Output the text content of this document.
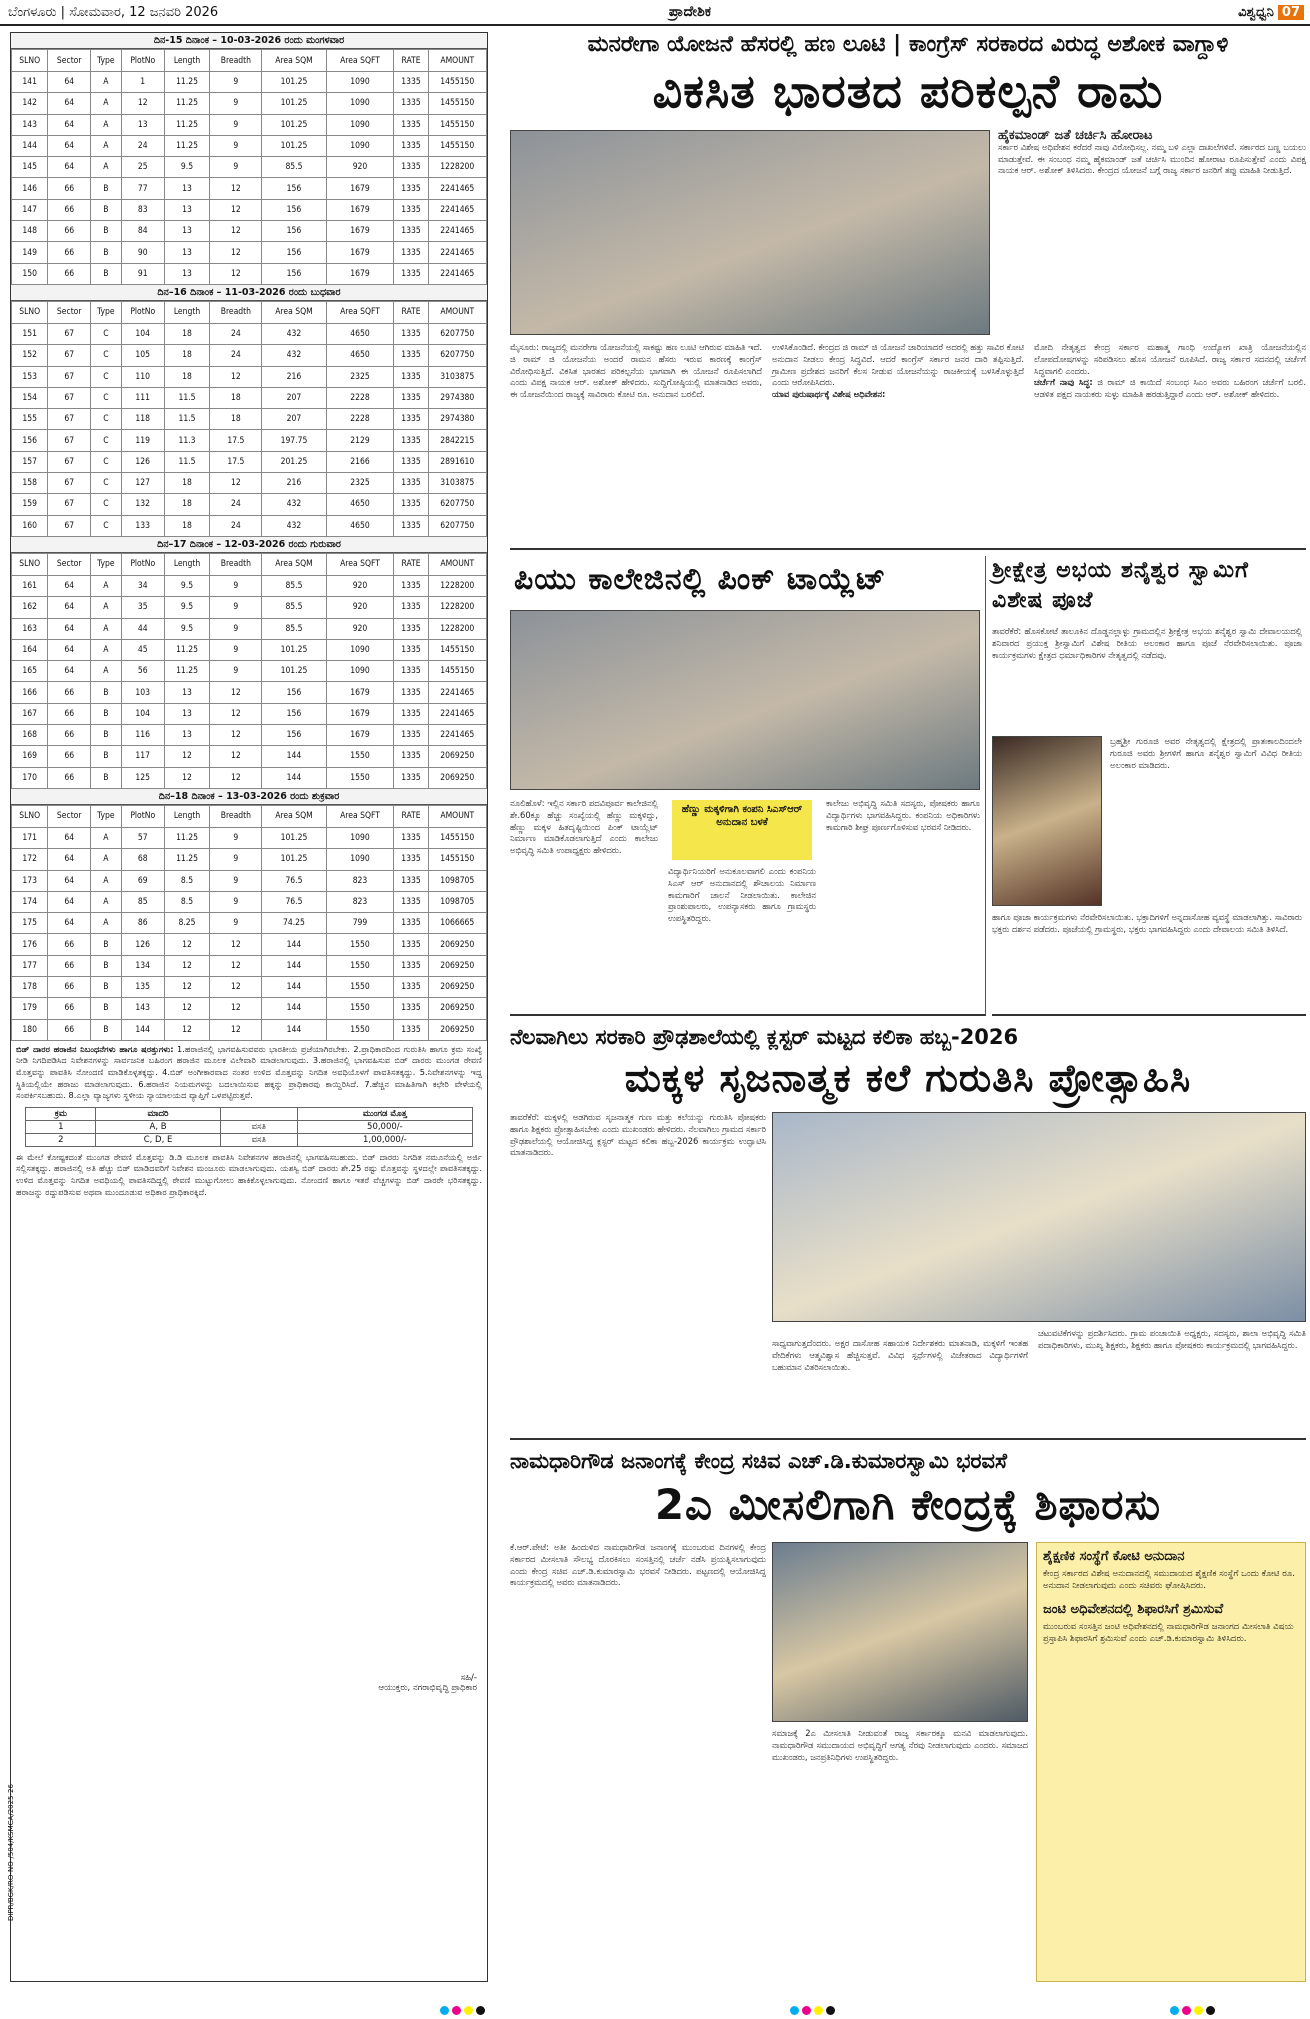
ಬೆಂಗಳೂರು | ಸೋಮವಾರ, 12 ಜನವರಿ 2026	ಪ್ರಾದೇಶಿಕ	ವಿಶ್ವಧ್ವನಿ 07
ದಿನ-15 ದಿನಾಂಕ – 10-03-2026 ರಂದು ಮಂಗಳವಾರ
SLNO	Sector	Type	PlotNo	Length	Breadth	Area SQM	Area SQFT	RATE	AMOUNT
141	64	A	1	11.25	9	101.25	1090	1335	1455150
142	64	A	12	11.25	9	101.25	1090	1335	1455150
143	64	A	13	11.25	9	101.25	1090	1335	1455150
144	64	A	24	11.25	9	101.25	1090	1335	1455150
145	64	A	25	9.5	9	85.5	920	1335	1228200
146	66	B	77	13	12	156	1679	1335	2241465
147	66	B	83	13	12	156	1679	1335	2241465
148	66	B	84	13	12	156	1679	1335	2241465
149	66	B	90	13	12	156	1679	1335	2241465
150	66	B	91	13	12	156	1679	1335	2241465
ದಿನ–16 ದಿನಾಂಕ – 11-03-2026 ರಂದು ಬುಧವಾರ
SLNO	Sector	Type	PlotNo	Length	Breadth	Area SQM	Area SQFT	RATE	AMOUNT
151	67	C	104	18	24	432	4650	1335	6207750
152	67	C	105	18	24	432	4650	1335	6207750
153	67	C	110	18	12	216	2325	1335	3103875
154	67	C	111	11.5	18	207	2228	1335	2974380
155	67	C	118	11.5	18	207	2228	1335	2974380
156	67	C	119	11.3	17.5	197.75	2129	1335	2842215
157	67	C	126	11.5	17.5	201.25	2166	1335	2891610
158	67	C	127	18	12	216	2325	1335	3103875
159	67	C	132	18	24	432	4650	1335	6207750
160	67	C	133	18	24	432	4650	1335	6207750
ದಿನ–17 ದಿನಾಂಕ – 12-03-2026 ರಂದು ಗುರುವಾರ
SLNO	Sector	Type	PlotNo	Length	Breadth	Area SQM	Area SQFT	RATE	AMOUNT
161	64	A	34	9.5	9	85.5	920	1335	1228200
162	64	A	35	9.5	9	85.5	920	1335	1228200
163	64	A	44	9.5	9	85.5	920	1335	1228200
164	64	A	45	11.25	9	101.25	1090	1335	1455150
165	64	A	56	11.25	9	101.25	1090	1335	1455150
166	66	B	103	13	12	156	1679	1335	2241465
167	66	B	104	13	12	156	1679	1335	2241465
168	66	B	116	13	12	156	1679	1335	2241465
169	66	B	117	12	12	144	1550	1335	2069250
170	66	B	125	12	12	144	1550	1335	2069250
ದಿನ–18 ದಿನಾಂಕ – 13-03-2026 ರಂದು ಶುಕ್ರವಾರ
SLNO	Sector	Type	PlotNo	Length	Breadth	Area SQM	Area SQFT	RATE	AMOUNT
171	64	A	57	11.25	9	101.25	1090	1335	1455150
172	64	A	68	11.25	9	101.25	1090	1335	1455150
173	64	A	69	8.5	9	76.5	823	1335	1098705
174	64	A	85	8.5	9	76.5	823	1335	1098705
175	64	A	86	8.25	9	74.25	799	1335	1066665
176	66	B	126	12	12	144	1550	1335	2069250
177	66	B	134	12	12	144	1550	1335	2069250
178	66	B	135	12	12	144	1550	1335	2069250
179	66	B	143	12	12	144	1550	1335	2069250
180	66	B	144	12	12	144	1550	1335	2069250
ಬಿಡ್ ದಾರರ ಹರಾಜಿನ ನಿಬಂಧನೆಗಳು ಹಾಗೂ ಷರತ್ತುಗಳು: 1.ಹರಾಜಿನಲ್ಲಿ ಭಾಗವಹಿಸುವವರು ಭಾರತೀಯ ಪ್ರಜೆಯಾಗಿರಬೇಕು. 2.ಪ್ರಾಧಿಕಾರದಿಂದ ಗುರುತಿಸಿ ಹಾಗೂ ಕ್ರಮ ಸಂಖ್ಯೆ ನೀಡಿ ನಿಗದಿಪಡಿಸಿದ ನಿವೇಶನಗಳನ್ನು ಸಾರ್ವಜನಿಕ ಬಹಿರಂಗ ಹರಾಜಿನ ಮೂಲಕ ವಿಲೇವಾರಿ ಮಾಡಲಾಗುವುದು. 3.ಹರಾಜಿನಲ್ಲಿ ಭಾಗವಹಿಸುವ ಬಿಡ್ ದಾರರು ಮುಂಗಡ ಠೇವಣಿ ಮೊತ್ತವನ್ನು ಪಾವತಿಸಿ ನೋಂದಣಿ ಮಾಡಿಕೊಳ್ಳತಕ್ಕದ್ದು. 4.ಬಿಡ್ ಅಂಗೀಕಾರವಾದ ನಂತರ ಉಳಿದ ಮೊತ್ತವನ್ನು ನಿಗದಿತ ಅವಧಿಯೊಳಗೆ ಪಾವತಿಸತಕ್ಕದ್ದು. 5.ನಿವೇಶನಗಳನ್ನು ಇದ್ದ ಸ್ಥಿತಿಯಲ್ಲಿಯೇ ಹರಾಜು ಮಾಡಲಾಗುವುದು. 6.ಹರಾಜಿನ ನಿಯಮಗಳನ್ನು ಬದಲಾಯಿಸುವ ಹಕ್ಕನ್ನು ಪ್ರಾಧಿಕಾರವು ಕಾಯ್ದಿರಿಸಿದೆ. 7.ಹೆಚ್ಚಿನ ಮಾಹಿತಿಗಾಗಿ ಕಛೇರಿ ವೇಳೆಯಲ್ಲಿ ಸಂಪರ್ಕಿಸಬಹುದು. 8.ಎಲ್ಲಾ ವ್ಯಾಜ್ಯಗಳು ಸ್ಥಳೀಯ ನ್ಯಾಯಾಲಯದ ವ್ಯಾಪ್ತಿಗೆ ಒಳಪಟ್ಟಿರುತ್ತವೆ.
ಕ್ರಮ	ಮಾದರಿ		ಮುಂಗಡ ಮೊತ್ತ
1	A, B	ವಸತಿ	50,000/-
2	C, D, E	ವಸತಿ	1,00,000/-
ಈ ಮೇಲೆ ಕೋಷ್ಟಕದಂತೆ ಮುಂಗಡ ಠೇವಣಿ ಮೊತ್ತವನ್ನು ಡಿ.ಡಿ ಮೂಲಕ ಪಾವತಿಸಿ ನಿವೇಶನಗಳ ಹರಾಜಿನಲ್ಲಿ ಭಾಗವಹಿಸಬಹುದು. ಬಿಡ್ ದಾರರು ನಿಗದಿತ ನಮೂನೆಯಲ್ಲಿ ಅರ್ಜಿ ಸಲ್ಲಿಸತಕ್ಕದ್ದು. ಹರಾಜಿನಲ್ಲಿ ಅತಿ ಹೆಚ್ಚು ಬಿಡ್ ಮಾಡಿದವರಿಗೆ ನಿವೇಶನ ಮಂಜೂರು ಮಾಡಲಾಗುವುದು. ಯಶಸ್ವಿ ಬಿಡ್ ದಾರರು ಶೇ.25 ರಷ್ಟು ಮೊತ್ತವನ್ನು ಸ್ಥಳದಲ್ಲೇ ಪಾವತಿಸತಕ್ಕದ್ದು. ಉಳಿದ ಮೊತ್ತವನ್ನು ನಿಗದಿತ ಅವಧಿಯಲ್ಲಿ ಪಾವತಿಸದಿದ್ದಲ್ಲಿ ಠೇವಣಿ ಮುಟ್ಟುಗೋಲು ಹಾಕಿಕೊಳ್ಳಲಾಗುವುದು. ನೋಂದಣಿ ಹಾಗೂ ಇತರೆ ವೆಚ್ಚಗಳನ್ನು ಬಿಡ್ ದಾರರೇ ಭರಿಸತಕ್ಕದ್ದು. ಹರಾಜನ್ನು ರದ್ದುಪಡಿಸುವ ಅಥವಾ ಮುಂದೂಡುವ ಅಧಿಕಾರ ಪ್ರಾಧಿಕಾರಕ್ಕಿದೆ.
ಸಹಿ/-
ಆಯುಕ್ತರು, ನಗರಾಭಿವೃದ್ಧಿ ಪ್ರಾಧಿಕಾರ
DIPR/BGK/RO-NO-/504/KSMCA/2025-26
ಮನರೇಗಾ ಯೋಜನೆ ಹೆಸರಲ್ಲಿ ಹಣ ಲೂಟಿ | ಕಾಂಗ್ರೆಸ್ ಸರಕಾರದ ವಿರುದ್ಧ ಅಶೋಕ ವಾಗ್ದಾಳಿ
ವಿಕಸಿತ ಭಾರತದ ಪರಿಕಲ್ಪನೆ ರಾಮ
ಹೈಕಮಾಂಡ್ ಜತೆ ಚರ್ಚಿಸಿ ಹೋರಾಟ
ಸರ್ಕಾರ ವಿಶೇಷ ಅಧಿವೇಶನ ಕರೆದರೆ ನಾವು ವಿರೋಧಿಸಲ್ಲ. ನಮ್ಮ ಬಳಿ ಎಲ್ಲಾ ದಾಖಲೆಗಳಿವೆ. ಸರ್ಕಾರದ ಬಣ್ಣ ಬಯಲು ಮಾಡುತ್ತೇವೆ. ಈ ಸಂಬಂಧ ನಮ್ಮ ಹೈಕಮಾಂಡ್ ಜತೆ ಚರ್ಚಿಸಿ ಮುಂದಿನ ಹೋರಾಟ ರೂಪಿಸುತ್ತೇವೆ ಎಂದು ವಿಪಕ್ಷ ನಾಯಕ ಆರ್. ಅಶೋಕ್ ತಿಳಿಸಿದರು. ಕೇಂದ್ರದ ಯೋಜನೆ ಬಗ್ಗೆ ರಾಜ್ಯ ಸರ್ಕಾರ ಜನರಿಗೆ ತಪ್ಪು ಮಾಹಿತಿ ನೀಡುತ್ತಿದೆ.
ಮೈಸೂರು: ರಾಜ್ಯದಲ್ಲಿ ಮನರೇಗಾ ಯೋಜನೆಯಲ್ಲಿ ಸಾಕಷ್ಟು ಹಣ ಲೂಟಿ ಆಗಿರುವ ಮಾಹಿತಿ ಇದೆ. ಜಿ ರಾಮ್ ಜಿ ಯೋಜನೆಯ ಅಂದರೆ ರಾಮನ ಹೆಸರು ಇರುವ ಕಾರಣಕ್ಕೆ ಕಾಂಗ್ರೆಸ್ ವಿರೋಧಿಸುತ್ತಿದೆ. ವಿಕಸಿತ ಭಾರತದ ಪರಿಕಲ್ಪನೆಯ ಭಾಗವಾಗಿ ಈ ಯೋಜನೆ ರೂಪಿಸಲಾಗಿದೆ ಎಂದು ವಿಪಕ್ಷ ನಾಯಕ ಆರ್. ಅಶೋಕ್ ಹೇಳಿದರು. ಸುದ್ದಿಗೋಷ್ಠಿಯಲ್ಲಿ ಮಾತನಾಡಿದ ಅವರು, ಈ ಯೋಜನೆಯಿಂದ ರಾಜ್ಯಕ್ಕೆ ಸಾವಿರಾರು ಕೋಟಿ ರೂ. ಅನುದಾನ ಬರಲಿದೆ.
ಉಳಿಸಿಕೊಂಡಿದೆ. ಕೇಂದ್ರದ ಜಿ ರಾಮ್ ಜಿ ಯೋಜನೆ ಜಾರಿಯಾದರೆ ಅದರಲ್ಲಿ ಹತ್ತು ಸಾವಿರ ಕೋಟಿ ಅನುದಾನ ನೀಡಲು ಕೇಂದ್ರ ಸಿದ್ಧವಿದೆ. ಆದರೆ ಕಾಂಗ್ರೆಸ್ ಸರ್ಕಾರ ಜನರ ದಾರಿ ತಪ್ಪಿಸುತ್ತಿದೆ. ಗ್ರಾಮೀಣ ಪ್ರದೇಶದ ಜನರಿಗೆ ಕೆಲಸ ನೀಡುವ ಯೋಜನೆಯನ್ನು ರಾಜಕೀಯಕ್ಕೆ ಬಳಸಿಕೊಳ್ಳುತ್ತಿದೆ ಎಂದು ಆರೋಪಿಸಿದರು.
ಯಾವ ಪುರುಷಾರ್ಥಕ್ಕೆ ವಿಶೇಷ ಅಧಿವೇಶನ:
ಮೋದಿ ನೇತೃತ್ವದ ಕೇಂದ್ರ ಸರ್ಕಾರ ಮಹಾತ್ಮ ಗಾಂಧಿ ಉದ್ಯೋಗ ಖಾತ್ರಿ ಯೋಜನೆಯಲ್ಲಿನ ಲೋಪದೋಷಗಳನ್ನು ಸರಿಪಡಿಸಲು ಹೊಸ ಯೋಜನೆ ರೂಪಿಸಿದೆ. ರಾಜ್ಯ ಸರ್ಕಾರ ಸದನದಲ್ಲಿ ಚರ್ಚೆಗೆ ಸಿದ್ಧವಾಗಲಿ ಎಂದರು.
ಚರ್ಚೆಗೆ ನಾವು ಸಿದ್ಧ: ಜಿ ರಾಮ್ ಜಿ ಕಾಯಿದೆ ಸಂಬಂಧ ಸಿಎಂ ಅವರು ಬಹಿರಂಗ ಚರ್ಚೆಗೆ ಬರಲಿ. ಆಡಳಿತ ಪಕ್ಷದ ನಾಯಕರು ಸುಳ್ಳು ಮಾಹಿತಿ ಹರಡುತ್ತಿದ್ದಾರೆ ಎಂದು ಆರ್. ಅಶೋಕ್ ಹೇಳಿದರು.
ಪಿಯು ಕಾಲೇಜಿನಲ್ಲಿ ಪಿಂಕ್ ಟಾಯ್ಲೆಟ್
ನೂಲಿಹೊಳೆ: ಇಲ್ಲಿನ ಸರ್ಕಾರಿ ಪದವಿಪೂರ್ವ ಕಾಲೇಜಿನಲ್ಲಿ ಶೇ.60ಕ್ಕೂ ಹೆಚ್ಚು ಸಂಖ್ಯೆಯಲ್ಲಿ ಹೆಣ್ಣು ಮಕ್ಕಳಿದ್ದು, ಹೆಣ್ಣು ಮಕ್ಕಳ ಹಿತದೃಷ್ಟಿಯಿಂದ ಪಿಂಕ್ ಟಾಯ್ಲೆಟ್ ನಿರ್ಮಾಣ ಮಾಡಿಕೊಡಲಾಗುತ್ತಿದೆ ಎಂದು ಕಾಲೇಜು ಅಭಿವೃದ್ಧಿ ಸಮಿತಿ ಉಪಾಧ್ಯಕ್ಷರು ಹೇಳಿದರು.
ವಿದ್ಯಾರ್ಥಿನಿಯರಿಗೆ ಅನುಕೂಲವಾಗಲಿ ಎಂದು ಕಂಪನಿಯ ಸಿಎಸ್ ಆರ್ ಅನುದಾನದಲ್ಲಿ ಶೌಚಾಲಯ ನಿರ್ಮಾಣ ಕಾಮಗಾರಿಗೆ ಚಾಲನೆ ನೀಡಲಾಯಿತು. ಕಾಲೇಜಿನ ಪ್ರಾಂಶುಪಾಲರು, ಉಪನ್ಯಾಸಕರು ಹಾಗೂ ಗ್ರಾಮಸ್ಥರು ಉಪಸ್ಥಿತರಿದ್ದರು.
ಹೆಣ್ಣು ಮಕ್ಕಳಿಗಾಗಿ ಕಂಪನಿ ಸಿಎಸ್ಆರ್ ಅನುದಾನ ಬಳಕೆ
ಕಾಲೇಜು ಅಭಿವೃದ್ಧಿ ಸಮಿತಿ ಸದಸ್ಯರು, ಪೋಷಕರು ಹಾಗೂ ವಿದ್ಯಾರ್ಥಿಗಳು ಭಾಗವಹಿಸಿದ್ದರು. ಕಂಪನಿಯ ಅಧಿಕಾರಿಗಳು ಕಾಮಗಾರಿ ಶೀಘ್ರ ಪೂರ್ಣಗೊಳಿಸುವ ಭರವಸೆ ನೀಡಿದರು.
ಶ್ರೀಕ್ಷೇತ್ರ ಅಭಯ ಶನೈಶ್ವರ ಸ್ವಾಮಿಗೆ ವಿಶೇಷ ಪೂಜೆ
ತಾವರೆಕೆರೆ: ಹೊಸಕೋಟೆ ತಾಲೂಕಿನ ದೊಡ್ಡನಲ್ಲಾಳ್ಳು ಗ್ರಾಮದಲ್ಲಿನ ಶ್ರೀಕ್ಷೇತ್ರ ಅಭಯ ಶನೈಶ್ವರ ಸ್ವಾಮಿ ದೇವಾಲಯದಲ್ಲಿ ಶನಿವಾರದ ಪ್ರಯುಕ್ತ ಶ್ರೀಸ್ವಾಮಿಗೆ ವಿಶೇಷ ರೀತಿಯ ಅಲಂಕಾರ ಹಾಗೂ ಪೂಜೆ ನೆರವೇರಿಸಲಾಯಿತು. ಪೂಜಾ ಕಾರ್ಯಕ್ರಮಗಳು ಕ್ಷೇತ್ರದ ಧರ್ಮಾಧಿಕಾರಿಗಳ ನೇತೃತ್ವದಲ್ಲಿ ನಡೆದವು.
ಬ್ರಹ್ಮಶ್ರೀ ಗುರೂಜಿ ಅವರ ನೇತೃತ್ವದಲ್ಲಿ ಕ್ಷೇತ್ರದಲ್ಲಿ ಪ್ರಾತಃಕಾಲದಿಂದಲೇ ಗುರೂಜಿ ಅವರು ಶ್ರೀಗಳಿಗೆ ಹಾಗೂ ಶನೈಶ್ವರ ಸ್ವಾಮಿಗೆ ವಿವಿಧ ರೀತಿಯ ಅಲಂಕಾರ ಮಾಡಿದರು.
ಹಾಗೂ ಪೂಜಾ ಕಾರ್ಯಕ್ರಮಗಳು ನೆರವೇರಿಸಲಾಯಿತು. ಭಕ್ತಾದಿಗಳಿಗೆ ಅನ್ನದಾಸೋಹ ವ್ಯವಸ್ಥೆ ಮಾಡಲಾಗಿತ್ತು. ಸಾವಿರಾರು ಭಕ್ತರು ದರ್ಶನ ಪಡೆದರು. ಪೂಜೆಯಲ್ಲಿ ಗ್ರಾಮಸ್ಥರು, ಭಕ್ತರು ಭಾಗವಹಿಸಿದ್ದರು ಎಂದು ದೇವಾಲಯ ಸಮಿತಿ ತಿಳಿಸಿದೆ.
ನೆಲವಾಗಿಲು ಸರಕಾರಿ ಪ್ರೌಢಶಾಲೆಯಲ್ಲಿ ಕ್ಲಸ್ಟರ್ ಮಟ್ಟದ ಕಲಿಕಾ ಹಬ್ಬ-2026
ಮಕ್ಕಳ ಸೃಜನಾತ್ಮಕ ಕಲೆ ಗುರುತಿಸಿ ಪ್ರೋತ್ಸಾಹಿಸಿ
ತಾವರೆಕೆರೆ: ಮಕ್ಕಳಲ್ಲಿ ಅಡಗಿರುವ ಸೃಜನಾತ್ಮಕ ಗುಣ ಮತ್ತು ಕಲೆಯನ್ನು ಗುರುತಿಸಿ ಪೋಷಕರು ಹಾಗೂ ಶಿಕ್ಷಕರು ಪ್ರೋತ್ಸಾಹಿಸಬೇಕು ಎಂದು ಮುಖಂಡರು ಹೇಳಿದರು. ನೆಲವಾಗಿಲು ಗ್ರಾಮದ ಸರ್ಕಾರಿ ಪ್ರೌಢಶಾಲೆಯಲ್ಲಿ ಆಯೋಜಿಸಿದ್ದ ಕ್ಲಸ್ಟರ್ ಮಟ್ಟದ ಕಲಿಕಾ ಹಬ್ಬ-2026 ಕಾರ್ಯಕ್ರಮ ಉದ್ಘಾಟಿಸಿ ಮಾತನಾಡಿದರು.
ಸಾಧ್ಯವಾಗುತ್ತದೆಂದರು. ಅಕ್ಷರ ದಾಸೋಹ ಸಹಾಯಕ ನಿರ್ದೇಶಕರು ಮಾತನಾಡಿ, ಮಕ್ಕಳಿಗೆ ಇಂತಹ ವೇದಿಕೆಗಳು ಆತ್ಮವಿಶ್ವಾಸ ಹೆಚ್ಚಿಸುತ್ತವೆ. ವಿವಿಧ ಸ್ಪರ್ಧೆಗಳಲ್ಲಿ ವಿಜೇತರಾದ ವಿದ್ಯಾರ್ಥಿಗಳಿಗೆ ಬಹುಮಾನ ವಿತರಿಸಲಾಯಿತು.
ಚಟುವಟಿಕೆಗಳನ್ನು ಪ್ರದರ್ಶಿಸಿದರು. ಗ್ರಾಮ ಪಂಚಾಯಿತಿ ಅಧ್ಯಕ್ಷರು, ಸದಸ್ಯರು, ಶಾಲಾ ಅಭಿವೃದ್ಧಿ ಸಮಿತಿ ಪದಾಧಿಕಾರಿಗಳು, ಮುಖ್ಯ ಶಿಕ್ಷಕರು, ಶಿಕ್ಷಕರು ಹಾಗೂ ಪೋಷಕರು ಕಾರ್ಯಕ್ರಮದಲ್ಲಿ ಭಾಗವಹಿಸಿದ್ದರು.
ನಾಮಧಾರಿಗೌಡ ಜನಾಂಗಕ್ಕೆ ಕೇಂದ್ರ ಸಚಿವ ಎಚ್.ಡಿ.ಕುಮಾರಸ್ವಾಮಿ ಭರವಸೆ
2ಎ ಮೀಸಲಿಗಾಗಿ ಕೇಂದ್ರಕ್ಕೆ ಶಿಫಾರಸು
ಕೆ.ಆರ್.ಪೇಟೆ: ಅತೀ ಹಿಂದುಳಿದ ನಾಮಧಾರಿಗೌಡ ಜನಾಂಗಕ್ಕೆ ಮುಂಬರುವ ದಿನಗಳಲ್ಲಿ ಕೇಂದ್ರ ಸರ್ಕಾರದ ಮೀಸಲಾತಿ ಸೌಲಭ್ಯ ದೊರಕಿಸಲು ಸಂಸತ್ತಿನಲ್ಲಿ ಚರ್ಚೆ ನಡೆಸಿ ಪ್ರಯತ್ನಿಸಲಾಗುವುದು ಎಂದು ಕೇಂದ್ರ ಸಚಿವ ಎಚ್.ಡಿ.ಕುಮಾರಸ್ವಾಮಿ ಭರವಸೆ ನೀಡಿದರು. ಪಟ್ಟಣದಲ್ಲಿ ಆಯೋಜಿಸಿದ್ದ ಕಾರ್ಯಕ್ರಮದಲ್ಲಿ ಅವರು ಮಾತನಾಡಿದರು.
ಸಮಾಜಕ್ಕೆ 2ಎ ಮೀಸಲಾತಿ ನೀಡುವಂತೆ ರಾಜ್ಯ ಸರ್ಕಾರಕ್ಕೂ ಮನವಿ ಮಾಡಲಾಗುವುದು. ನಾಮಧಾರಿಗೌಡ ಸಮುದಾಯದ ಅಭಿವೃದ್ಧಿಗೆ ಅಗತ್ಯ ನೆರವು ನೀಡಲಾಗುವುದು ಎಂದರು. ಸಮಾಜದ ಮುಖಂಡರು, ಜನಪ್ರತಿನಿಧಿಗಳು ಉಪಸ್ಥಿತರಿದ್ದರು.
ಶೈಕ್ಷಣಿಕ ಸಂಸ್ಥೆಗೆ ಕೋಟಿ ಅನುದಾನ
ಕೇಂದ್ರ ಸರ್ಕಾರದ ವಿಶೇಷ ಅನುದಾನದಲ್ಲಿ ಸಮುದಾಯದ ಶೈಕ್ಷಣಿಕ ಸಂಸ್ಥೆಗೆ ಒಂದು ಕೋಟಿ ರೂ. ಅನುದಾನ ನೀಡಲಾಗುವುದು ಎಂದು ಸಚಿವರು ಘೋಷಿಸಿದರು.
ಜಂಟಿ ಅಧಿವೇಶನದಲ್ಲಿ ಶಿಫಾರಸಿಗೆ ಶ್ರಮಿಸುವೆ
ಮುಂಬರುವ ಸಂಸತ್ತಿನ ಜಂಟಿ ಅಧಿವೇಶನದಲ್ಲಿ ನಾಮಧಾರಿಗೌಡ ಜನಾಂಗದ ಮೀಸಲಾತಿ ವಿಷಯ ಪ್ರಸ್ತಾಪಿಸಿ ಶಿಫಾರಸಿಗೆ ಶ್ರಮಿಸುವೆ ಎಂದು ಎಚ್.ಡಿ.ಕುಮಾರಸ್ವಾಮಿ ತಿಳಿಸಿದರು.
